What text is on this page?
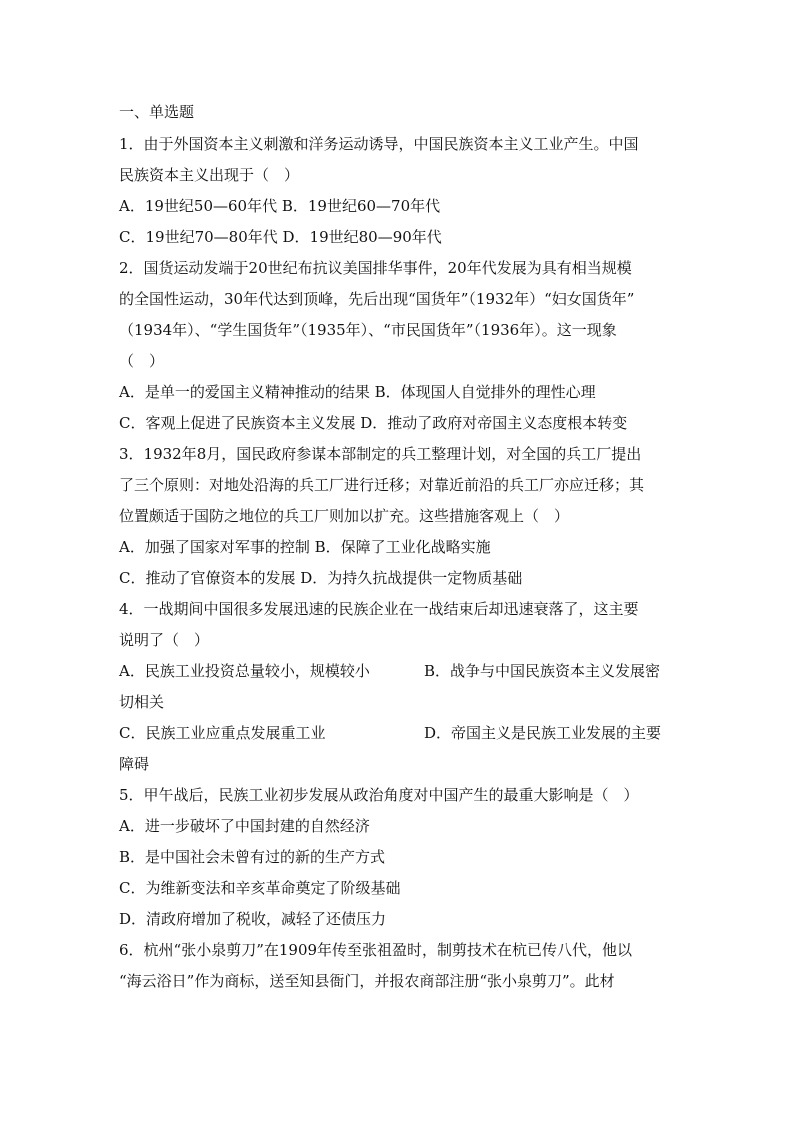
一、单选题
1．由于外国资本主义刺激和洋务运动诱导，中国民族资本主义工业产生。中国
民族资本主义出现于（　）
A．19世纪50—60年代 B．19世纪60—70年代
C．19世纪70—80年代 D．19世纪80—90年代
2．国货运动发端于20世纪布抗议美国排华事件，20年代发展为具有相当规模
的全国性运动，30年代达到顶峰，先后出现“国货年”（1932年）“妇女国货年”
（1934年）、“学生国货年”（1935年）、“市民国货年”（1936年）。这一现象
（　）
A．是单一的爱国主义精神推动的结果 B．体现国人自觉排外的理性心理
C．客观上促进了民族资本主义发展 D．推动了政府对帝国主义态度根本转变
3．1932年8月，国民政府参谋本部制定的兵工整理计划，对全国的兵工厂提出
了三个原则：对地处沿海的兵工厂进行迁移；对靠近前沿的兵工厂亦应迁移；其
位置颇适于国防之地位的兵工厂则加以扩充。这些措施客观上（　）
A．加强了国家对军事的控制 B．保障了工业化战略实施
C．推动了官僚资本的发展 D．为持久抗战提供一定物质基础
4．一战期间中国很多发展迅速的民族企业在一战结束后却迅速衰落了，这主要
说明了（　）
A．民族工业投资总量较小，规模较小	B．战争与中国民族资本主义发展密
切相关
C．民族工业应重点发展重工业	D．帝国主义是民族工业发展的主要
障碍
5．甲午战后，民族工业初步发展从政治角度对中国产生的最重大影响是（　）
A．进一步破坏了中国封建的自然经济
B．是中国社会未曾有过的新的生产方式
C．为维新变法和辛亥革命奠定了阶级基础
D．清政府增加了税收，减轻了还债压力
6．杭州“张小泉剪刀”在1909年传至张祖盈时，制剪技术在杭已传八代，他以
“海云浴日”作为商标，送至知县衙门，并报农商部注册“张小泉剪刀”。此材
